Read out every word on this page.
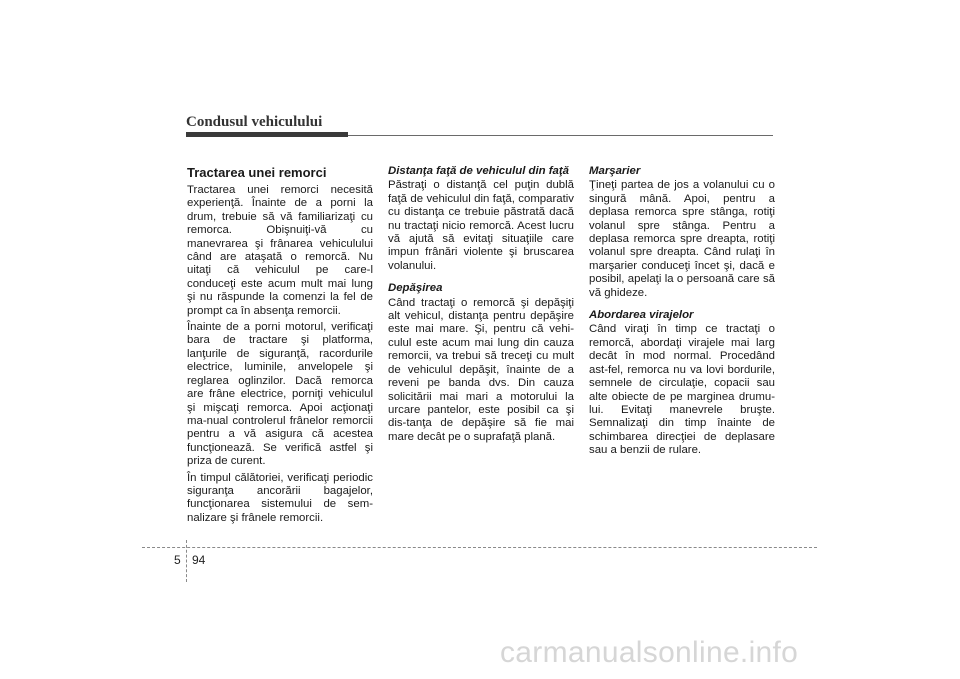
Condusul vehiculului
Tractarea unei remorci

Tractarea unei remorci necesită experienţă. Înainte de a porni la drum, trebuie să vă familiarizaţi cu remorca. Obişnuiţi-vă cu manevrarea şi frânarea vehiculului când are ataşată o remorcă. Nu uitaţi că vehiculul pe care-l conduceţi este acum mult mai lung şi nu răspunde la comenzi la fel de prompt ca în absenţa remorcii.

Înainte de a porni motorul, verificaţi bara de tractare şi platforma, lanţurile de siguranţă, racordurile electrice, luminile, anvelopele şi reglarea oglinzilor. Dacă remorca are frâne electrice, porniţi vehiculul şi mişcaţi remorca. Apoi acţionaţi ma-nual controlerul frânelor remorcii pentru a vă asigura că acestea funcţionează. Se verifică astfel şi priza de curent.

În timpul călătoriei, verificaţi periodic siguranţa ancorării bagajelor, funcţionarea sistemului de sem-nalizare şi frânele remorcii.

Distanţa faţă de vehiculul din faţă

Păstraţi o distanţă cel puţin dublă faţă de vehiculul din faţă, comparativ cu distanţa ce trebuie păstrată dacă nu tractaţi nicio remorcă. Acest lucru vă ajută să evitaţi situaţiile care impun frânări violente şi bruscarea volanului.

Depăşirea

Când tractaţi o remorcă şi depăşiţi alt vehicul, distanţa pentru depăşire este mai mare. Şi, pentru că vehi-culul este acum mai lung din cauza remorcii, va trebui să treceţi cu mult de vehiculul depăşit, înainte de a reveni pe banda dvs. Din cauza solicitării mai mari a motorului la urcare pantelor, este posibil ca şi dis-tanţa de depăşire să fie mai mare decât pe o suprafaţă plană.

Marşarier

Ţineţi partea de jos a volanului cu o singură mână. Apoi, pentru a deplasa remorca spre stânga, rotiţi volanul spre stânga. Pentru a deplasa remorca spre dreapta, rotiţi volanul spre dreapta. Când rulaţi în marşarier conduceţi încet şi, dacă e posibil, apelaţi la o persoană care să vă ghideze.

Abordarea virajelor

Când viraţi în timp ce tractaţi o remorcă, abordaţi virajele mai larg decât în mod normal. Procedând ast-fel, remorca nu va lovi bordurile, semnele de circulaţie, copacii sau alte obiecte de pe marginea drumu-lui. Evitaţi manevrele bruşte. Semnalizaţi din timp înainte de schimbarea direcţiei de deplasare sau a benzii de rulare.

5 94
carmanualsonline.info
